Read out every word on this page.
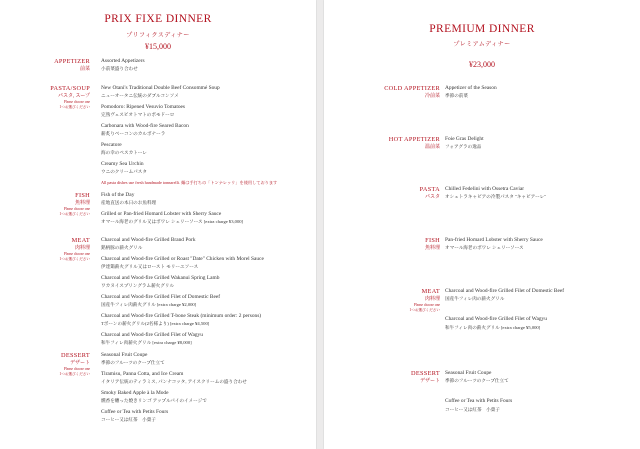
PRIX FIXE DINNER
プリフィクスディナー
¥15,000
APPETIZER
前菜
Assorted Appetizers
小前菜盛り合わせ
PASTA/SOUP
パスタ, スープ
Please choose one
1つお選びください
New Otani's Traditional Double Beef Consommé Soup
ニューオータニ伝統のダブルコンソメ
Pomodoro: Ripened Vesuvio Tomatoes
完熟ヴェスビオトマトのポモドーロ
Carbonara with Wood-fire Seared Bacon
薪炙りベーコンのカルボナーラ
Pescatore
海の幸のペスカトーレ
Creamy Sea Urchin
ウニのクリームパスタ
All pasta dishes use fresh handmade tonnarelli. 麺は手打ちの「トンナレッリ」を使用しております
FISH
魚料理
Please choose one
1つお選びください
Fish of the Day
産地直送の本日のお魚料理
Grilled or Pan-fried Homard Lobster with Sherry Sauce
オマール海老のグリル又はポワレ シェリーソース [extra charge ¥3,000]
MEAT
肉料理
Please choose one
1つお選びください
Charcoal and Wood-fire Grilled Brand Pork
銘柄豚の薪火グリル
Charcoal and Wood-fire Grilled or Roast "Date" Chicken with Morel Sauce
伊達鶏薪火グリル又はロースト モリーユソース
Charcoal and Wood-fire Grilled Wakanui Spring Lamb
ワカヌイスプリングラム薪火グリル
Charcoal and Wood-fire Grilled Filet of Domestic Beef
国産牛フィレ肉薪火グリル [extra charge ¥2,000]
Charcoal and Wood-fire Grilled T-bone Steak (minimum order: 2 persons)
Tボーンの薪火グリル(2名様より) [extra charge ¥4,500]
Charcoal and Wood-fire Grilled Filet of Wagyu
和牛フィレ肉薪火グリル [extra charge ¥8,000]
DESSERT
デザート
Please choose one
1つお選びください
Seasonal Fruit Coupe
季節のフルーツのクープ仕立て
Tiramisu, Panna Cotta, and Ice Cream
イタリア伝統のティラミス, パンナコッタ, アイスクリームの盛り合わせ
Smoky Baked Apple à la Mode
燻香を纏った焼きリンゴ アップルパイのイメージで
Coffee or Tea with Petits Fours
コーヒー又は紅茶　小菓子
PREMIUM DINNER
プレミアムディナー
¥23,000
COLD APPETIZER
冷前菜
Appetizer of the Season
季節の前菜
HOT APPETIZER
温前菜
Foie Gras Delight
フォアグラの逸品
PASTA
パスタ
Chilled Fedelini with Ossetra Caviar
オシェトラキャビアの冷製パスタ "キャビアーレ"
FISH
魚料理
Pan-fried Homard Lobster with Sherry Sauce
オマール海老のポワレ シェリーソース
MEAT
肉料理
Please choose one
1つお選びください
Charcoal and Wood-fire Grilled Filet of Domestic Beef
国産牛フィレ肉の薪火グリル
Charcoal and Wood-fire Grilled Filet of Wagyu
和牛フィレ肉の薪火グリル [extra charge ¥5,000]
DESSERT
デザート
Seasonal Fruit Coupe
季節のフルーツのクープ仕立て
Coffee or Tea with Petits Fours
コーヒー又は紅茶　小菓子
